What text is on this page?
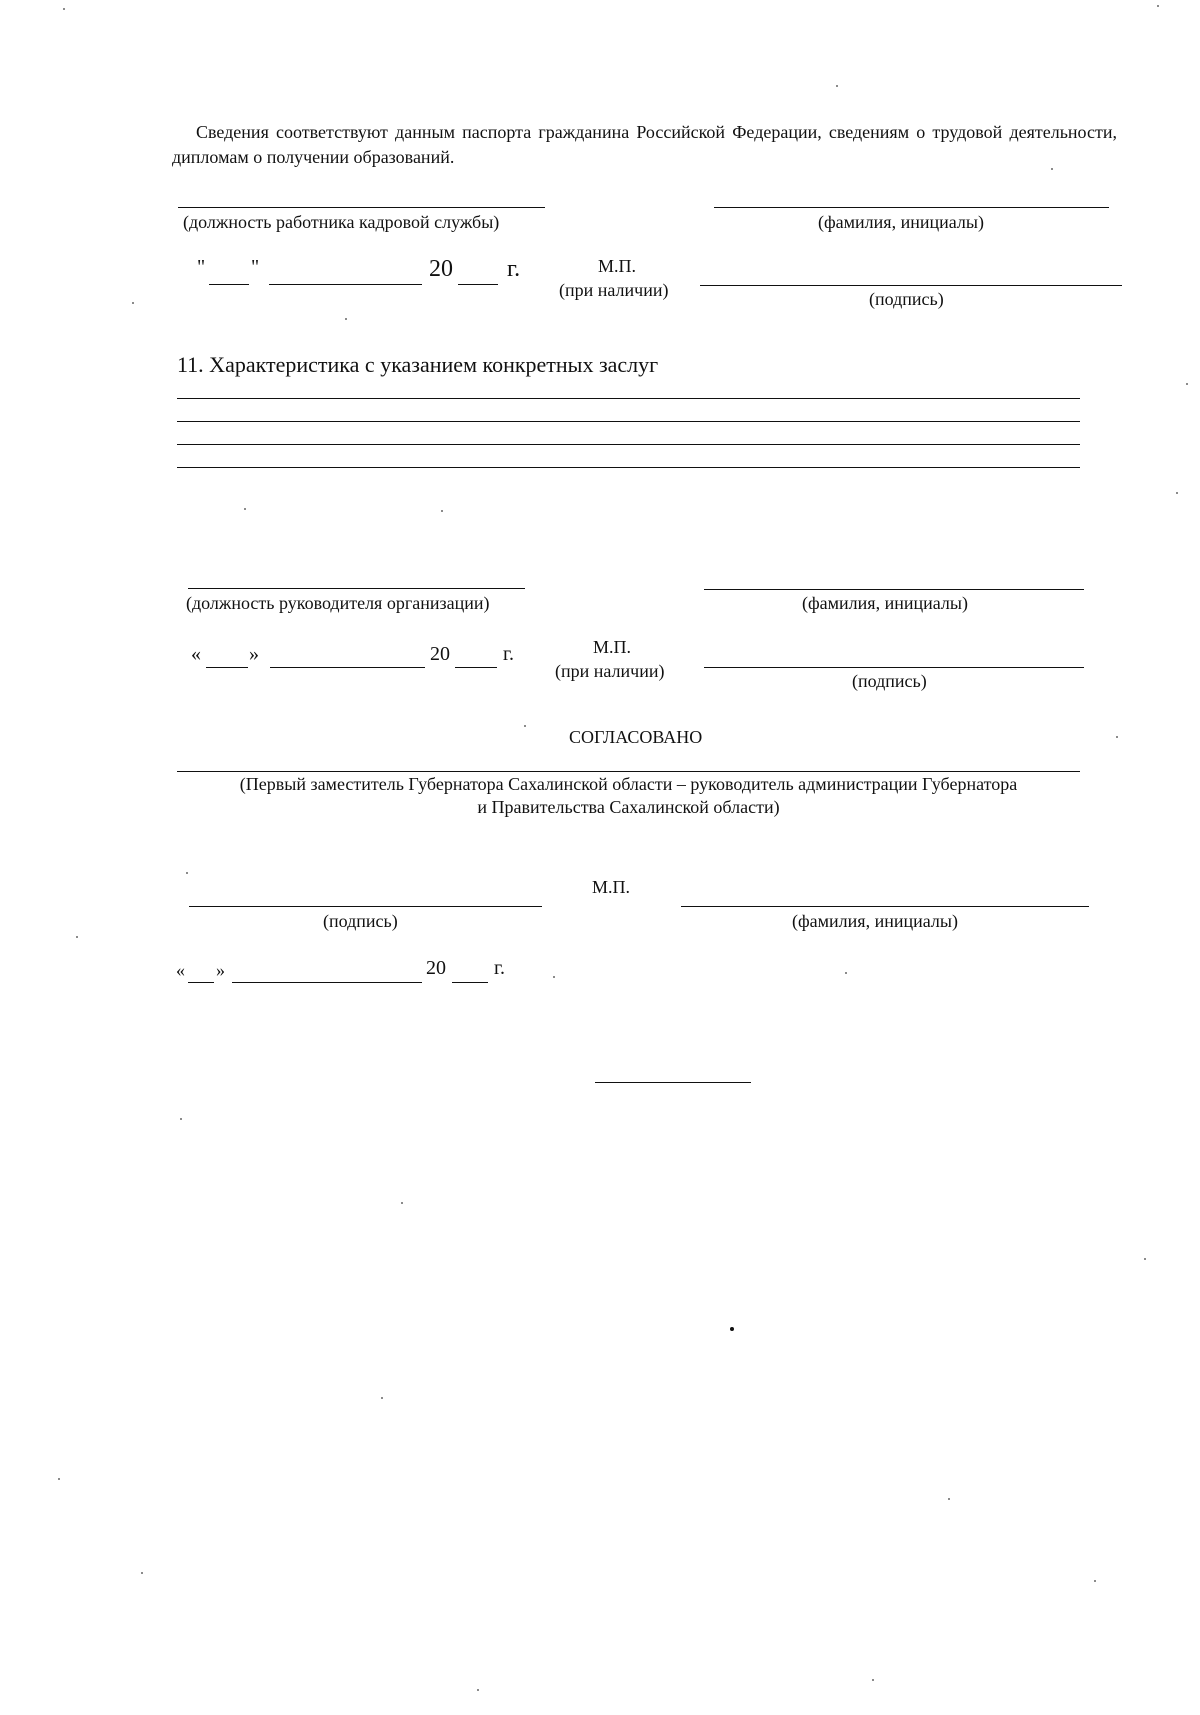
Сведения соответствуют данным паспорта гражданина Российской Федерации, сведениям о трудовой деятельности, дипломам о получении образований.
(должность работника кадровой службы)	(фамилия, инициалы)
" "	20 г.	М.П.
(при наличии)	(подпись)
11. Характеристика с указанием конкретных заслуг
(должность руководителя организации)	(фамилия, инициалы)
« »	20	г.	М.П.
(при наличии)	(подпись)
СОГЛАСОВАНО
(Первый заместитель Губернатора Сахалинской области – руководитель администрации Губернатора
и Правительства Сахалинской области)
М.П.
(подпись)	(фамилия, инициалы)
« »	20 г.
